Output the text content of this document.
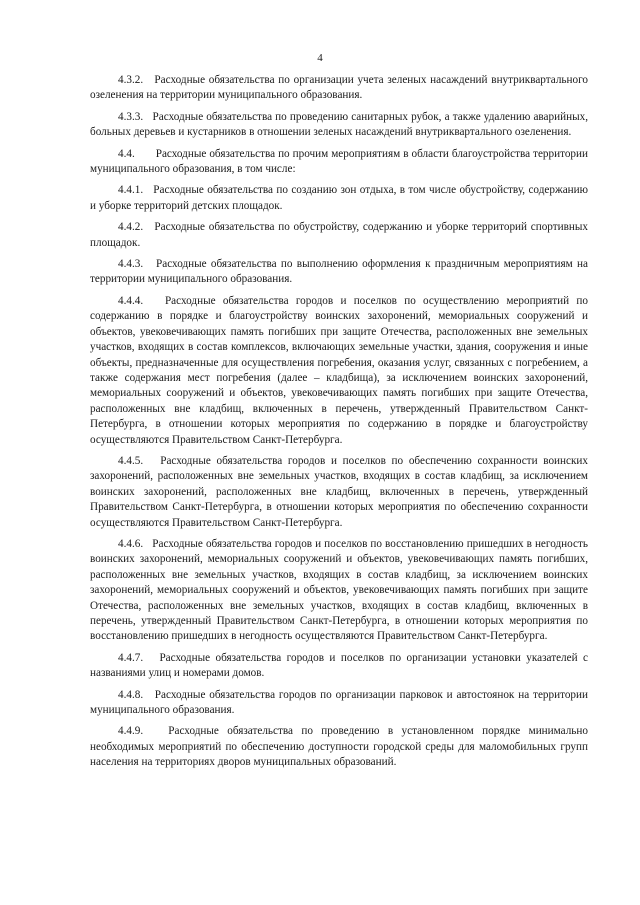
4

4.3.2.   Расходные обязательства по организации учета зеленых насаждений внутриквартального озеленения на территории муниципального образования.

4.3.3.   Расходные обязательства по проведению санитарных рубок, а также удалению аварийных, больных деревьев и кустарников в отношении зеленых насаждений внутриквартального озеленения.

4.4.       Расходные обязательства по прочим мероприятиям в области благоустройства территории муниципального образования, в том числе:

4.4.1.   Расходные обязательства по созданию зон отдыха, в том числе обустройству, содержанию и уборке территорий детских площадок.

4.4.2.   Расходные обязательства по обустройству, содержанию и уборке территорий спортивных площадок.

4.4.3.   Расходные обязательства по выполнению оформления к праздничным мероприятиям на территории муниципального образования.

4.4.4.   Расходные обязательства городов и поселков по осуществлению мероприятий по содержанию в порядке и благоустройству воинских захоронений, мемориальных сооружений и объектов, увековечивающих память погибших при защите Отечества, расположенных вне земельных участков, входящих в состав комплексов, включающих земельные участки, здания, сооружения и иные объекты, предназначенные для осуществления погребения, оказания услуг, связанных с погребением, а также содержания мест погребения (далее – кладбища), за исключением воинских захоронений, мемориальных сооружений и объектов, увековечивающих память погибших при защите Отечества, расположенных вне кладбищ, включенных в перечень, утвержденный Правительством Санкт-Петербурга, в отношении которых мероприятия по содержанию в порядке и благоустройству осуществляются Правительством Санкт-Петербурга.

4.4.5.   Расходные обязательства городов и поселков по обеспечению сохранности воинских захоронений, расположенных вне земельных участков, входящих в состав кладбищ, за исключением воинских захоронений, расположенных вне кладбищ, включенных в перечень, утвержденный Правительством Санкт-Петербурга, в отношении которых мероприятия по обеспечению сохранности осуществляются Правительством Санкт-Петербурга.

4.4.6.   Расходные обязательства городов и поселков по восстановлению пришедших в негодность воинских захоронений, мемориальных сооружений и объектов, увековечивающих память погибших, расположенных вне земельных участков, входящих в состав кладбищ, за исключением воинских захоронений, мемориальных сооружений и объектов, увековечивающих память погибших при защите Отечества, расположенных вне земельных участков, входящих в состав кладбищ, включенных в перечень, утвержденный Правительством Санкт-Петербурга, в отношении которых мероприятия по восстановлению пришедших в негодность осуществляются Правительством Санкт-Петербурга.

4.4.7.   Расходные обязательства городов и поселков по организации установки указателей с названиями улиц и номерами домов.

4.4.8.   Расходные обязательства городов по организации парковок и автостоянок на территории муниципального образования.

4.4.9.   Расходные обязательства по проведению в установленном порядке минимально необходимых мероприятий по обеспечению доступности городской среды для маломобильных групп населения на территориях дворов муниципальных образований.
